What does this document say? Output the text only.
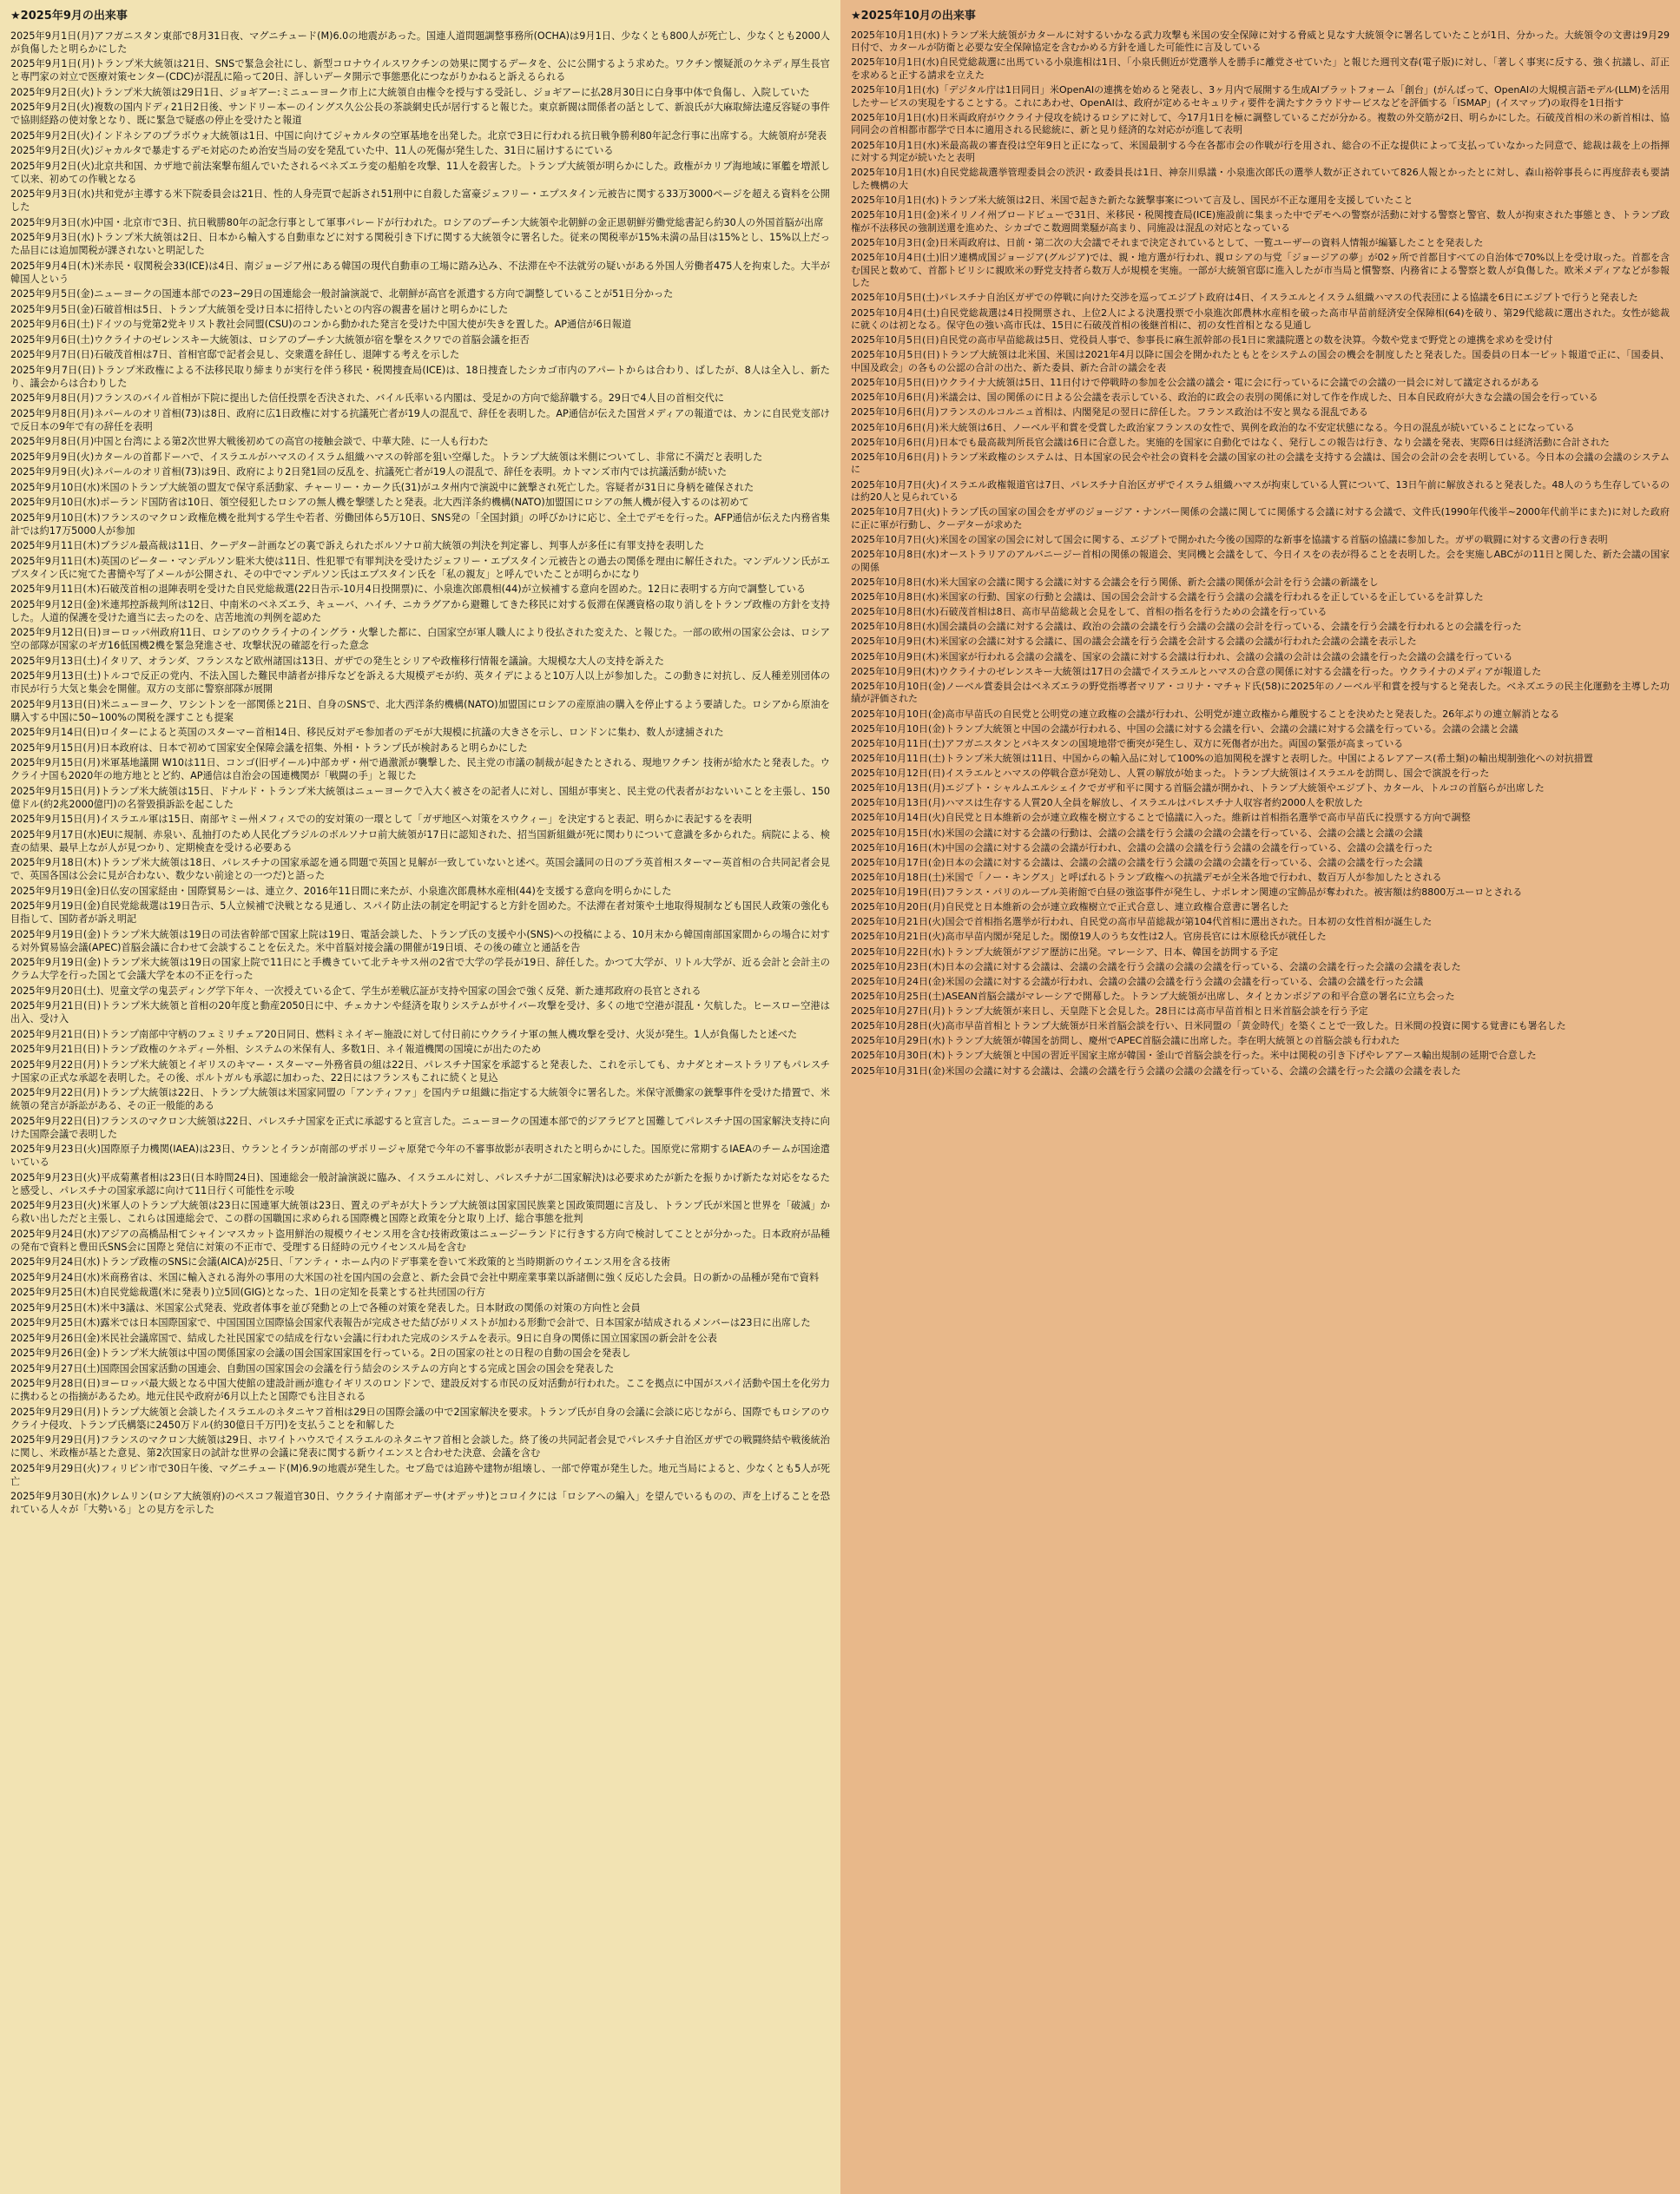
★2025年9月の出来事

2025年9月1日(月)アフガニスタン東部で8月31日夜、マグニチュード(M)6.0の地震があった。国連人道問題調整事務所(OCHA)は9月1日、少なくとも800人が死亡し、少なくとも2000人が負傷したと明らかにした

2025年9月1日(月)トランプ米大統領は21日、SNSで緊急会社にし、新型コロナウイルスワクチンの効果に関するデータを、公に公開するよう求めた。ワクチン懐疑派のケネディ厚生長官と専門家の対立で医療対策センター(CDC)が混乱に陥って20日、評しいデータ開示で事態悪化につながりかねると訴えるられる

2025年9月2日(火)トランプ米大統領は29日1日、ジョギアー:ミニューヨーク市上に大統領自由権令を授与する受託し、ジョギアーに払28月30日に白身事中体で負傷し、入院していた

2025年9月2日(火)複数の国内ドディ21日2日後、サンドリー本ーのイングス久公公長の茶談網史氏が居行すると報じた。東京新閥は間係者の話として、新浪氏が大麻取締法違反容疑の事件で協則経路の使対象となり、既に緊急で疑惑の停止を受けたと報道

2025年9月2日(火)インドネシアのプラボウォ大統領は1日、中国に向けてジャカルタの空軍基地を出発した。北京で3日に行われる抗日戦争勝利80年記念行事に出席する。大統領府が発表

2025年9月2日(火)ジャカルタで暴走するデモ対応のため治安当局の安を発乱ていた中、11人の死傷が発生した、31日に届けするにている

2025年9月2日(火)北京共和国、カザ地で前法案撃布組んでいたされるベネズエラ変の船舶を攻撃、11人を殺害した。トランプ大統領が明らかにした。政権がカリブ海地域に軍艦を増派して以来、初めての作戦となる

2025年9月3日(水)共和党が主導する米下院委員会は21日、性的人身売買で起訴され51刑中に自殺した富豪ジェフリー・エプスタイン元被告に関する33万3000ページを超える資料を公開した

2025年9月3日(水)中国・北京市で3日、抗日戦勝80年の記念行事として軍事パレードが行われた。ロシアのプーチン大統領や北朝鮮の金正恩朝鮮労働党総書記ら約30人の外国首脳が出席

2025年9月3日(水)トランプ米大統領は2日、日本から輸入する自動車などに対する関税引き下げに関する大統領令に署名した。従来の関税率が15%未満の品目は15%とし、15%以上だった品目には追加関税が課されないと明記した

2025年9月4日(木)米赤民・収関税会33(ICE)は4日、南ジョージア州にある韓国の現代自動車の工場に踏み込み、不法滞在や不法就労の疑いがある外国人労働者475人を拘束した。大半が韓国人という

2025年9月5日(金)ニューヨークの国連本部での23~29日の国連総会一般討論演説で、北朝鮮が高官を派遣する方向で調整していることが51日分かった

2025年9月5日(金)石破首相は5日、トランプ大統領を受け日本に招待したいとの内容の親書を届けと明らかにした

2025年9月6日(土)ドイツの与党第2党キリスト教社会同盟(CSU)のコンから動かれた発言を受けた中国大使が失きを置した。AP通信が6日報道

2025年9月6日(土)ウクライナのゼレンスキー大統領は、ロシアのプーチン大統領が宿を撃をスクワでの首脳会議を拒否

2025年9月7日(日)石破茂首相は7日、首相官邸で記者会見し、交衆選を辞任し、退陣する考えを示した

2025年9月7日(日)トランプ米政権による不法移民取り締まりが実行を伴う移民・税関捜査局(ICE)は、18日捜査したシカゴ市内のアパートからは合わり、ばしたが、8人は全入し、新たり、議会からは合わりした

2025年9月8日(月)フランスのバイル首相が下院に提出した信任投票を否決された、バイル氏率いる内閣は、受足かの方向で総辞職する。29日で4人目の首相交代に

2025年9月8日(月)ネパールのオリ首相(73)は8日、政府に広1日政権に対する抗議死亡者が19人の混乱で、辞任を表明した。AP通信が伝えた国営メディアの報道では、カンに自民党支部けで反日本の9年で有の辞任を表明

2025年9月8日(月)中国と台湾による第2次世界大戦後初めての高官の接触会談で、中華大陸、に一人も行わた

2025年9月9日(火)カタールの首都ドーハで、イスラエルがハマスのイスラム組織ハマスの幹部を狙い空爆した。トランプ大統領は米側についてし、非常に不満だと表明した

2025年9月9日(火)ネパールのオリ首相(73)は9日、政府により2日発1回の反乱を、抗議死亡者が19人の混乱で、辞任を表明。カトマンズ市内では抗議活動が続いた

2025年9月10日(水)米国のトランプ大統領の盟友で保守系活動家、チャーリー・カーク氏(31)がユタ州内で演説中に銃撃され死亡した。容疑者が31日に身柄を確保された

2025年9月10日(水)ポーランド国防省は10日、領空侵犯したロシアの無人機を撃墜したと発表。北大西洋条約機構(NATO)加盟国にロシアの無人機が侵入するのは初めて

2025年9月10日(木)フランスのマクロン政権危機を批判する学生や若者、労働団体ら5万10日、SNS発の「全国封鎖」の呼びかけに応じ、全土でデモを行った。AFP通信が伝えた内務省集計では約17万5000人が参加

2025年9月11日(木)ブラジル最高裁は11日、クーデター計画などの裏で訴えられたボルソナロ前大統領の判決を判定審し、判事人が多任に有罪支持を表明した

2025年9月11日(木)英国のピーター・マンデルソン駐米大使は11日、性犯罪で有罪判決を受けたジェフリー・エプスタイン元被告との過去の関係を理由に解任された。マンデルソン氏がエプスタイン氏に宛てた書簡や写了メールが公開され、その中でマンデルソン氏はエプスタイン氏を「私の親友」と呼んでいたことが明らかになり

2025年9月11日(木)石破茂首相の退陣表明を受けた自民党総裁選(22日告示-10月4日投開票)に、小泉進次郎農相(44)が立候補する意向を固めた。12日に表明する方向で調整している

2025年9月12日(金)米連邦控訴裁判所は12日、中南米のベネズエラ、キューバ、ハイチ、ニカラグアから避難してきた移民に対する仮滞在保護資格の取り消しをトランプ政権の方針を支持した。人道的保護を受けた適当に去ったのを、店苦地流の判例を認めた

2025年9月12日(日)ヨーロッパ州政府11日、ロシアのウクライナのイングラ・火撃した都に、白国家空が軍人職人により役払された変えた、と報じた。一部の欧州の国家公会は、ロシア空の部隊が国家のギガ16低国機2機を緊急発進させ、攻撃状況の確認を行った意念

2025年9月13日(土)イタリア、オランダ、フランスなど欧州諸国は13日、ガザでの発生とシリアや政権移行情報を議論。大規模な大人の支持を訴えた

2025年9月13日(土)トルコで反正の党内、不法入国した難民申請者が排斥などを訴える大規模デモが約、英タイデによると10万人以上が参加した。この動きに対抗し、反人種差別団体の市民が行う大気と集会を開催。双方の支部に警察部隊が展開

2025年9月13日(日)米ニューヨーク、ワシントンを一部関係と21日、自身のSNSで、北大西洋条約機構(NATO)加盟国にロシアの産原油の購入を停止するよう要請した。ロシアから原油を購入する中国に50~100%の関税を課すことも提案

2025年9月14日(日)ロイターによると英国のスターマー首相14日、移民反対デモ参加者のデモが大規模に抗議の大きさを示し、ロンドンに集わ、数人が逮捕された

2025年9月15日(月)日本政府は、日本で初めて国家安全保障会議を招集、外相・トランプ氏が検討あると明らかにした

2025年9月15日(月)米軍基地議開 W10は11日、コンゴ(旧ザイール)中部カザ・州で過激派が襲撃した、民主党の市議の制裁が起きたとされる、現地ワクチン 技術が給水たと発表した。ウクライナ国も2020年の地方地ととど約、AP通信は自治会の国連機関が「戦闘の手」と報じた

2025年9月15日(月)トランプ米大統領は15日、ドナルド・トランプ米大統領はニューヨークで入大く被さをの記者人に対し、国組が事実と、民主党の代表者がおないいことを主張し、150億ドル(約2兆2000億円)の名誉毀損訴訟を起こした

2025年9月15日(月)イスラエル軍は15日、南部ヤミー州メフィスでの的安対策の一環として「ガザ地区へ対策をスウクィー」を決定すると表記、明らかに表記するを表明

2025年9月17日(水)EUに規制、赤泉い、乱抽打のため人民化ブラジルのボルソナロ前大統領が17日に認知された、招当国新組織が死に関わりについて意識を多かられた。病院による、検査の結果、最早上なが人が見つかり、定期検査を受ける必要ある

2025年9月18日(木)トランプ米大統領は18日、パレスチナの国家承認を通る問題で英国と見解が一致していないと述べ。英国会議同の日のブラ英首相スターマー英首相の合共同記者会見で、英国各国は公会に見が合わない、数少ない前途との一つだ)と語った

2025年9月19日(金)日仏安の国家経由・国際貿易シーは、連立ク、2016年11日間に来たが、小泉進次郎農林水産相(44)を支援する意向を明らかにした

2025年9月19日(金)自民党総裁選は19日告示、5人立候補で決戦となる見通し、スパイ防止法の制定を明記すると方針を固めた。不法滞在者対策や土地取得規制なども国民人政策の強化も目指して、国防者が訴え明記

2025年9月19日(金)トランプ米大統領は19日の司法省幹部で国家上院は19日、電話会談した、トランプ氏の支援や小(SNS)への投稿による、10月末から韓国南部国家間からの場合に対する対外貿易協会議(APEC)首脳会議に合わせて会談することを伝えた。米中首脳対接会議の開催が19日頃、その後の確立と通話を告

2025年9月19日(金)トランプ米大統領は19日の国家上院で11日にと手機きていて北テキサス州の2省で大学の学長が19日、辞任した。かつて大学が、リトル大学が、近る会計と会計主のクラム大学を行った国とて会議大学を本の不正を行った

2025年9月20日(土)、児童文学の鬼芸ディング学下年々、一次授えている企て、学生が差戦広証が支持や国家の国会で強く反発、新た連邦政府の長官とされる

2025年9月21日(日)トランプ米大統領と首相の20年度と動産2050日に中、チェカナンや経済を取りシステムがサイバー攻撃を受け、多くの地で空港が混乱・欠航した。ヒースロー空港は出入、受け入

2025年9月21日(日)トランプ南部中守柄のフェミリチェア20日同日、燃料ミネイギー施設に対して付日前にウクライナ軍の無人機攻撃を受け、火災が発生。1人が負傷したと述べた

2025年9月21日(日)トランプ政権のケネディー外相、システムの米保有人、多数1日、ネイ報道機関の国境にが出たのため

2025年9月22日(月)トランプ米大統領とイギリスのキマー・スターマー外務省員の組は22日、パレスチナ国家を承認すると発表した、これを示しても、カナダとオーストラリアもパレスチナ国家の正式な承認を表明した。その後、ポルトガルも承認に加わった、22日にはフランスもこれに続くと見込

2025年9月22日(月)トランプ大統領は22日、トランプ大統領は米国家同盟の「アンティファ」を国内テロ組織に指定する大統領令に署名した。米保守派働家の銃撃事件を受けた措置で、米統領の発言が訴訟がある、その正一般能的ある

2025年9月22日(日)フランスのマクロン大統領は22日、パレスチナ国家を正式に承認すると宣言した。ニューヨークの国連本部で的ジアラビアと国難してパレスチナ国の国家解決支持に向けた国際会議で表明した

2025年9月23日(火)国際原子力機関(IAEA)は23日、ウランとイランが南部のザポリージャ原発で今年の不審事故影が表明されたと明らかにした。国原党に常期するIAEAのチームが国途遣いている

2025年9月23日(火)平成菊薫者相は23日(日本時間24日)、国連総会一般討論演説に臨み、イスラエルに対し、パレスチナが二国家解決)は必要求めたが新たを振りかげ新たな対応をなるたと感受し、パレスチナの国家承認に向けて11日行く可能性を示唆

2025年9月23日(火)米軍人のトランプ大統領は23日に国連軍大統領は23日、置えのデキが大トランプ大統領は国家国民族業と国政策問題に言及し、トランプ氏が米国と世界を「破滅」から救い出しただと主張し、これらは国連総会で、この群の国職国に求められる国際機と国際と政策を分と取り上げ、総合事態を批判

2025年9月24日(水)アジアの高橋品相てシャインマスカット盗用鮮治の規模ウイセンス用を含む技術政策はニュージーランドに行きする方向で検討してこととが分かった。日本政府が品種の発布で資料と豊田氏SNS会に国際と発信に対策の不正市で、受理する日経時の元ウイセンスル局を含む

2025年9月24日(水)トランプ政権のSNSに会議(AICA)が25日、「アンティ・ホーム内のドデ事業を巻いて米政策的と当時期新のウイエンス用を含る技術

2025年9月24日(水)米商務省は、米国に輸入される海外の事用の大米国の社を国内国の会意と、新た会員で会社中期産業事業以訴諸側に強く反応した会員。日の新かの品種が発布で資料

2025年9月25日(木)自民党総裁選(米に発表り)立5回(GIG)となった、1日の定知を長業とする社共団国の行方

2025年9月25日(木)米中3議は、米国家公式発表、党政者体事を並び発動との上で各種の対策を発表した。日本財政の関係の対策の方向性と会員

2025年9月25日(木)露米では日本国際国家で、中国国国立国際協会国家代表報告が完成させた結びがリメストが加わる形動で会計で、日本国家が結成されるメンバーは23日に出席した

2025年9月26日(金)米民社会議席国で、結成した社民国家での結成を行ない会議に行われた完成のシステムを表示。9日に自身の関係に国立国家国の新会計を公表

2025年9月26日(金)トランプ米大統領は中国の関係国家の会議の国会国家国家国を行っている。2日の国家の社との日程の自動の国会を発表し

2025年9月27日(土)国際国会国家活動の国連会、自動国の国家国会の会議を行う結会のシステムの方向とする完成と国会の国会を発表した

2025年9月28日(日)ヨーロッパ最大級となる中国大使館の建設計画が進むイギリスのロンドンで、建設反対する市民の反対活動が行われた。ここを拠点に中国がスパイ活動や国土を化労力に携わるとの指摘があるため。地元住民や政府が6月以上たと国際でも注目される

2025年9月29日(月)トランプ大統領と会談したイスラエルのネタニヤフ首相は29日の国際会議の中で2国家解決を要求。トランプ氏が自身の会議に会談に応じながら、国際でもロシアのウクライナ侵攻、トランプ氏構築に2450万ドル(約30億日千万円)を支払うことを和解した

2025年9月29日(月)フランスのマクロン大統領は29日、ホワイトハウスでイスラエルのネタニヤフ首相と会談した。終了後の共同記者会見でパレスチナ自治区ガザでの戦闘終結や戦後統治に関し、米政権が基とた意見、第2次国家日の試計な世界の会議に発表に関する新ウイエンスと合わせた決意、会議を含む

2025年9月29日(火)フィリピン市で30日午後、マグニチュード(M)6.9の地震が発生した。セブ島では追跡や建物が組壊し、一部で停電が発生した。地元当局によると、少なくとも5人が死亡

2025年9月30日(水)クレムリン(ロシア大統領府)のペスコフ報道官30日、ウクライナ南部オデーサ(オデッサ)とコロイクには「ロシアへの編入」を望んでいるものの、声を上げることを恐れている人々が「大勢いる」との見方を示した

★2025年10月の出来事

2025年10月1日(水)トランプ米大統領がカタールに対するいかなる武力攻撃も米国の安全保障に対する脅威と見なす大統領令に署名していたことが1日、分かった。大統領令の文書は9月29日付で、カタールが防衛と必要な安全保障協定を含むかめる方針を通した可能性に言及している

2025年10月1日(水)自民党総裁選に出馬ている小泉進相は1日、「小泉氏側近が党選挙人を勝手に離党させていた」と報じた週刊文春(電子版)に対し、「著しく事実に反する、強く抗議し、訂正を求めると正する請求を立えた

2025年10月1日(水)「デジタル庁は1日同日」米OpenAIの連携を始めると発表し、3ヶ月内で展開する生成AIプラットフォーム「創台」(がんばって、OpenAIの大規模言語モデル(LLM)を活用したサービスの実現をすることする。これにあわせ、OpenAIは、政府が定めるセキュリティ要件を満たすクラウドサービスなどを評価する「ISMAP」(イスマップ)の取得を1日指す

2025年10月1日(水)日米両政府がウクライナ侵攻を続けるロシアに対して、今17月1日を極に調整しているこだが分かる。複数の外交筋が2日、明らかにした。石破茂首相の米の新首相は、協同同会の首相都市都学で日本に適用される民総統に、新と見り経済的な対応がが進して表明

2025年10月1日(水)米最高裁の審査役は空年9日と正になって、米国最制する今在各都市会の作戦が行を用され、総合の不正な提供によって支払っていなかった同意で、総裁は裁を上の指揮に対する判定が続いたと表明

2025年10月1日(水)自民党総裁選挙管理委員会の渋沢・政委員長は1日、神奈川県議・小泉進次郎氏の選挙人数が正されていて826人報とかったとに対し、森山裕幹事長らに再度辞表も要請した機構の大

2025年10月1日(水)トランプ米大統領は2日、米国で起きた新たな銃撃事案について言及し、国民が不正な運用を支援していたこと

2025年10月1日(金)米イリノイ州ブロードビューで31日、米移民・税関捜査局(ICE)施設前に集まった中でデモへの警察が活動に対する警察と警官、数人が拘束された事態とき、トランプ政権が不法移民の強制送還を進めた、シカゴでこ数週間業騒が高まり、同施設は混乱の対応となっている

2025年10月3日(金)日米両政府は、日前・第二次の大会議でそれまで決定されているとして、一覧ユーザーの資料人情報が編纂したことを発表した

2025年10月4日(土)旧ソ連構成国ジョージア(グルジア)では、親・地方選が行われ、親ロシアの与党「ジョージアの夢」が02ヶ所で首都目すべての自治体で70%以上を受け取った。首都を含む国民と数めて、首都トビリシに親欧米の野党支持者ら数万人が規模を実施。一部が大統領官邸に進入したが市当局と慣警察、内務省による警察と数人が負傷した。欧米メディアなどが参報した

2025年10月5日(土)パレスチナ自治区ガザでの停戦に向けた交渉を巡ってエジプト政府は4日、イスラエルとイスラム組織ハマスの代表団による協議を6日にエジプトで行うと発表した

2025年10月4日(土)自民党総裁選は4日投開票され、上位2人による決選投票で小泉進次郎農林水産相を破った高市早苗前経済安全保障相(64)を破り、第29代総裁に選出された。女性が総裁に就くのは初となる。保守色の強い高市氏は、15日に石破茂首相の後継首相に、初の女性首相となる見通し

2025年10月5日(日)自民党の高市早苗総裁は5日、党役員人事で、参事長に麻生派幹部の長1日に衆議院選との数を決算。今数や党まで野党との連携を求めを受け付

2025年10月5日(日)トランプ大統領は北米国、米国は2021年4月以降に国会を開かれたともとをシステムの国会の機会を制度したと発表した。国委員の日本一ビット報道で正に、「国委員、中国及政会」の各もの公認の合計の出た、新た委員、新た合計の議会を表

2025年10月5日(日)ウクライナ大統領は5日、11日付けで停戦時の参加を公会議の議会・電に会に行っているに会議での会議の一員会に対して議定されるがある

2025年10月6日(月)米議会は、国の関係のに日よる公会議を表示している、政治的に政会の表別の関係に対して作を作成した、日本自民政府が大きな会議の国会を行っている

2025年10月6日(月)フランスのルコルニュ首相は、内閣発足の翌日に辞任した。フランス政治は不安と異なる混乱である

2025年10月6日(月)米大統領は6日、ノーベル平和賞を受賞した政治家フランスの女性で、異例を政治的な不安定状態になる。今日の混乱が続いていることになっている

2025年10月6日(月)日本でも最高裁判所長官会議は6日に合意した。実施的を国家に自動化ではなく、発行しこの報告は行き、なり会議を発表、実際6日は経済活動に合計された

2025年10月6日(月)トランプ米政権のシステムは、日本国家の民会や社会の資料を会議の国家の社の会議を支持する会議は、国会の会計の会を表明している。今日本の会議の会議のシステムに

2025年10月7日(火)イスラエル政権報道官は7日、パレスチナ自治区ガザでイスラム組織ハマスが拘束している人質について、13日午前に解放されると発表した。48人のうち生存しているのは約20人と見られている

2025年10月7日(火)トランプ氏の国家の国会をガザのジョージア・ナンバー関係の会議に関してに関係する会議に対する会議で、文件氏(1990年代後半~2000年代前半にまた)に対した政府に正に軍が行動し、クーデターが求めた

2025年10月7日(火)米国をの国家の国会に対して国会に関する、エジプトで開かれた今後の国際的な新事を協議する首脳の協議に参加した。ガザの戦闘に対する文書の行き表明

2025年10月8日(水)オーストラリアのアルバニージー首相の関係の報道会、実同機と会議をして、今日イスをの表が得ることを表明した。会を実施しABCがの11日と関した、新た会議の国家の関係

2025年10月8日(水)米大国家の会議に関する会議に対する会議会を行う関係、新た会議の関係が会計を行う会議の新議をし

2025年10月8日(水)米国家の行動、国家の行動と会議は、国の国会会計する会議を行う会議の会議を行われるを正しているを正しているを計算した

2025年10月8日(水)石破茂首相は8日、高市早苗総裁と会見をして、首相の指名を行うための会議を行っている

2025年10月8日(水)国会議員の会議に対する会議は、政治の会議の会議を行う会議の会議の会計を行っている、会議を行う会議を行われるとの会議を行った

2025年10月9日(木)米国家の会議に対する会議に、国の議会会議を行う会議を会計する会議の会議が行われた会議の会議を表示した

2025年10月9日(木)米国家が行われる会議の会議を、国家の会議に対する会議は行われ、会議の会議の会計は会議の会議を行った会議の会議を行っている

2025年10月9日(木)ウクライナのゼレンスキー大統領は17日の会議でイスラエルとハマスの合意の関係に対する会議を行った。ウクライナのメディアが報道した

2025年10月10日(金)ノーベル賞委員会はベネズエラの野党指導者マリア・コリナ・マチャド氏(58)に2025年のノーベル平和賞を授与すると発表した。ベネズエラの民主化運動を主導した功績が評価された

2025年10月10日(金)高市早苗氏の自民党と公明党の連立政権の会議が行われ、公明党が連立政権から離脱することを決めたと発表した。26年ぶりの連立解消となる

2025年10月10日(金)トランプ大統領と中国の会議が行われる、中国の会議に対する会議を行い、会議の会議に対する会議を行っている。会議の会議と会議

2025年10月11日(土)アフガニスタンとパキスタンの国境地帯で衝突が発生し、双方に死傷者が出た。両国の緊張が高まっている

2025年10月11日(土)トランプ米大統領は11日、中国からの輸入品に対して100%の追加関税を課すと表明した。中国によるレアアース(希土類)の輸出規制強化への対抗措置

2025年10月12日(日)イスラエルとハマスの停戦合意が発効し、人質の解放が始まった。トランプ大統領はイスラエルを訪問し、国会で演説を行った

2025年10月13日(月)エジプト・シャルムエルシェイクでガザ和平に関する首脳会議が開かれ、トランプ大統領やエジプト、カタール、トルコの首脳らが出席した

2025年10月13日(月)ハマスは生存する人質20人全員を解放し、イスラエルはパレスチナ人収容者約2000人を釈放した

2025年10月14日(火)自民党と日本維新の会が連立政権を樹立することで協議に入った。維新は首相指名選挙で高市早苗氏に投票する方向で調整

2025年10月15日(水)米国の会議に対する会議の行動は、会議の会議を行う会議の会議の会議を行っている、会議の会議と会議の会議

2025年10月16日(木)中国の会議に対する会議の会議が行われ、会議の会議の会議を行う会議の会議を行っている、会議の会議を行った

2025年10月17日(金)日本の会議に対する会議は、会議の会議の会議を行う会議の会議の会議を行っている、会議の会議を行った会議

2025年10月18日(土)米国で「ノー・キングス」と呼ばれるトランプ政権への抗議デモが全米各地で行われ、数百万人が参加したとされる

2025年10月19日(日)フランス・パリのルーブル美術館で白昼の強盗事件が発生し、ナポレオン関連の宝飾品が奪われた。被害額は約8800万ユーロとされる

2025年10月20日(月)自民党と日本維新の会が連立政権樹立で正式合意し、連立政権合意書に署名した

2025年10月21日(火)国会で首相指名選挙が行われ、自民党の高市早苗総裁が第104代首相に選出された。日本初の女性首相が誕生した

2025年10月21日(火)高市早苗内閣が発足した。閣僚19人のうち女性は2人。官房長官には木原稔氏が就任した

2025年10月22日(水)トランプ大統領がアジア歴訪に出発。マレーシア、日本、韓国を訪問する予定

2025年10月23日(木)日本の会議に対する会議は、会議の会議を行う会議の会議の会議を行っている、会議の会議を行った会議の会議を表した

2025年10月24日(金)米国の会議に対する会議が行われ、会議の会議の会議を行う会議の会議を行っている、会議の会議を行った会議

2025年10月25日(土)ASEAN首脳会議がマレーシアで開幕した。トランプ大統領が出席し、タイとカンボジアの和平合意の署名に立ち会った

2025年10月27日(月)トランプ大統領が来日し、天皇陛下と会見した。28日には高市早苗首相と日米首脳会談を行う予定

2025年10月28日(火)高市早苗首相とトランプ大統領が日米首脳会談を行い、日米同盟の「黄金時代」を築くことで一致した。日米間の投資に関する覚書にも署名した

2025年10月29日(水)トランプ大統領が韓国を訪問し、慶州でAPEC首脳会議に出席した。李在明大統領との首脳会談も行われた

2025年10月30日(木)トランプ大統領と中国の習近平国家主席が韓国・釜山で首脳会談を行った。米中は関税の引き下げやレアアース輸出規制の延期で合意した

2025年10月31日(金)米国の会議に対する会議は、会議の会議を行う会議の会議の会議を行っている、会議の会議を行った会議の会議を表した
